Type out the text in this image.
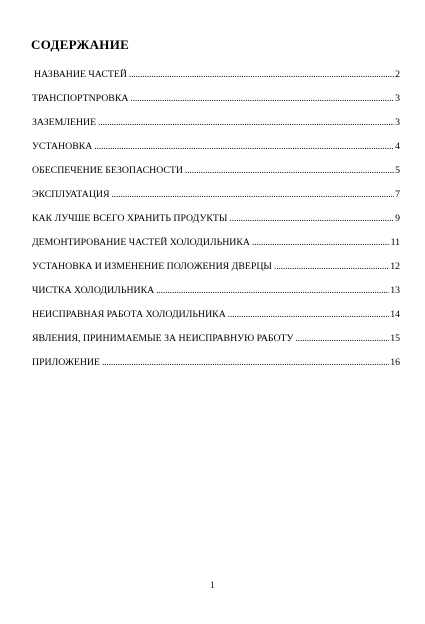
СОДЕРЖАНИЕ
НАЗВАНИЕ ЧАСТЕЙ .....	2
ТРАНСПОРТNРОВКА .....	3
ЗАЗЕМЛЕНИЕ .....	3
УСТАНОВКА .....	4
ОБЕСПЕЧЕНИЕ БЕЗОПАСНОСТИ .....	5
ЭКСПЛУАТАЦИЯ .....	7
КАК ЛУЧШЕ ВСЕГО ХРАНИТЬ ПРОДУКТЫ .....	9
ДЕМОНТИРОВАНИЕ ЧАСТЕЙ ХОЛОДИЛЬНИКА .....	11
УСТАНОВКА И ИЗМЕНЕНИЕ ПОЛОЖЕНИЯ ДВЕРЦЫ .....	12
ЧИСТКА ХОЛОДИЛЬНИКА .....	13
НЕИСПРАВНАЯ РАБОТА ХОЛОДИЛЬНИКА .....	14
ЯВЛЕНИЯ, ПРИНИМАЕМЫЕ ЗА НЕИСПРАВНУЮ РАБОТУ .....	15
ПРИЛОЖЕНИЕ .....	16

1
